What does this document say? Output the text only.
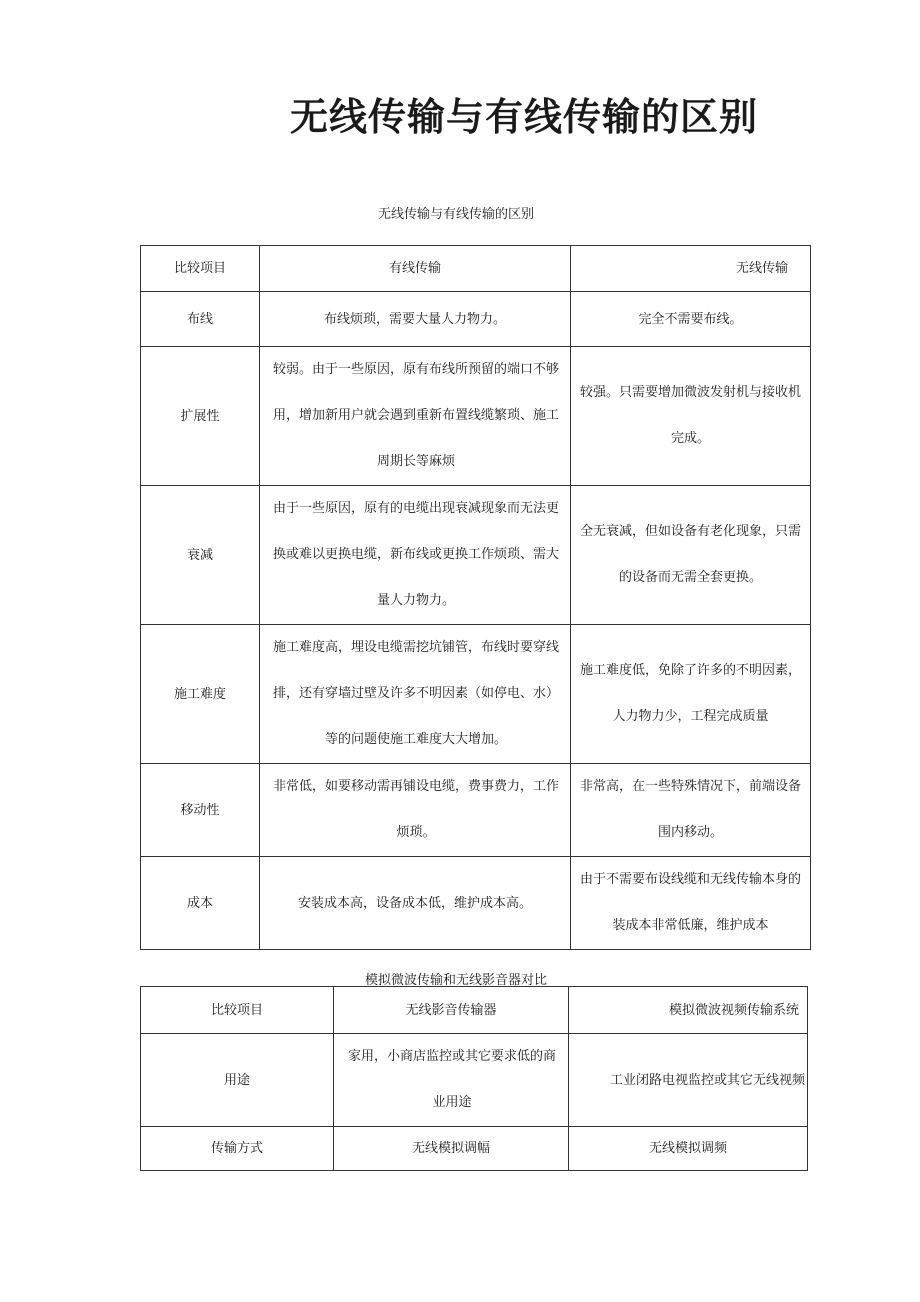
无线传输与有线传输的区别

无线传输与有线传输的区别

比较项目	有线传输	无线传输
布线	布线烦琐，需要大量人力物力。	完全不需要布线。
扩展性	较弱。由于一些原因，原有布线所预留的端口不够用，增加新用户就会遇到重新布置线缆繁琐、施工周期长等麻烦	较强。只需要增加微波发射机与接收机完成。
衰减	由于一些原因，原有的电缆出现衰减现象而无法更换或难以更换电缆，新布线或更换工作烦琐、需大量人力物力。	全无衰减，但如设备有老化现象，只需的设备而无需全套更换。
施工难度	施工难度高，埋设电缆需挖坑铺管，布线时要穿线排，还有穿墙过壁及许多不明因素（如停电、水）等的问题使施工难度大大增加。	施工难度低，免除了许多的不明因素，人力物力少，工程完成质量
移动性	非常低，如要移动需再铺设电缆，费事费力，工作烦琐。	非常高，在一些特殊情况下，前端设备围内移动。
成本	安装成本高，设备成本低，维护成本高。	由于不需要布设线缆和无线传输本身的装成本非常低廉，维护成本

模拟微波传输和无线影音器对比

比较项目	无线影音传输器	模拟微波视频传输系统
用途	家用，小商店监控或其它要求低的商业用途	工业闭路电视监控或其它无线视频
传输方式	无线模拟调幅	无线模拟调频
